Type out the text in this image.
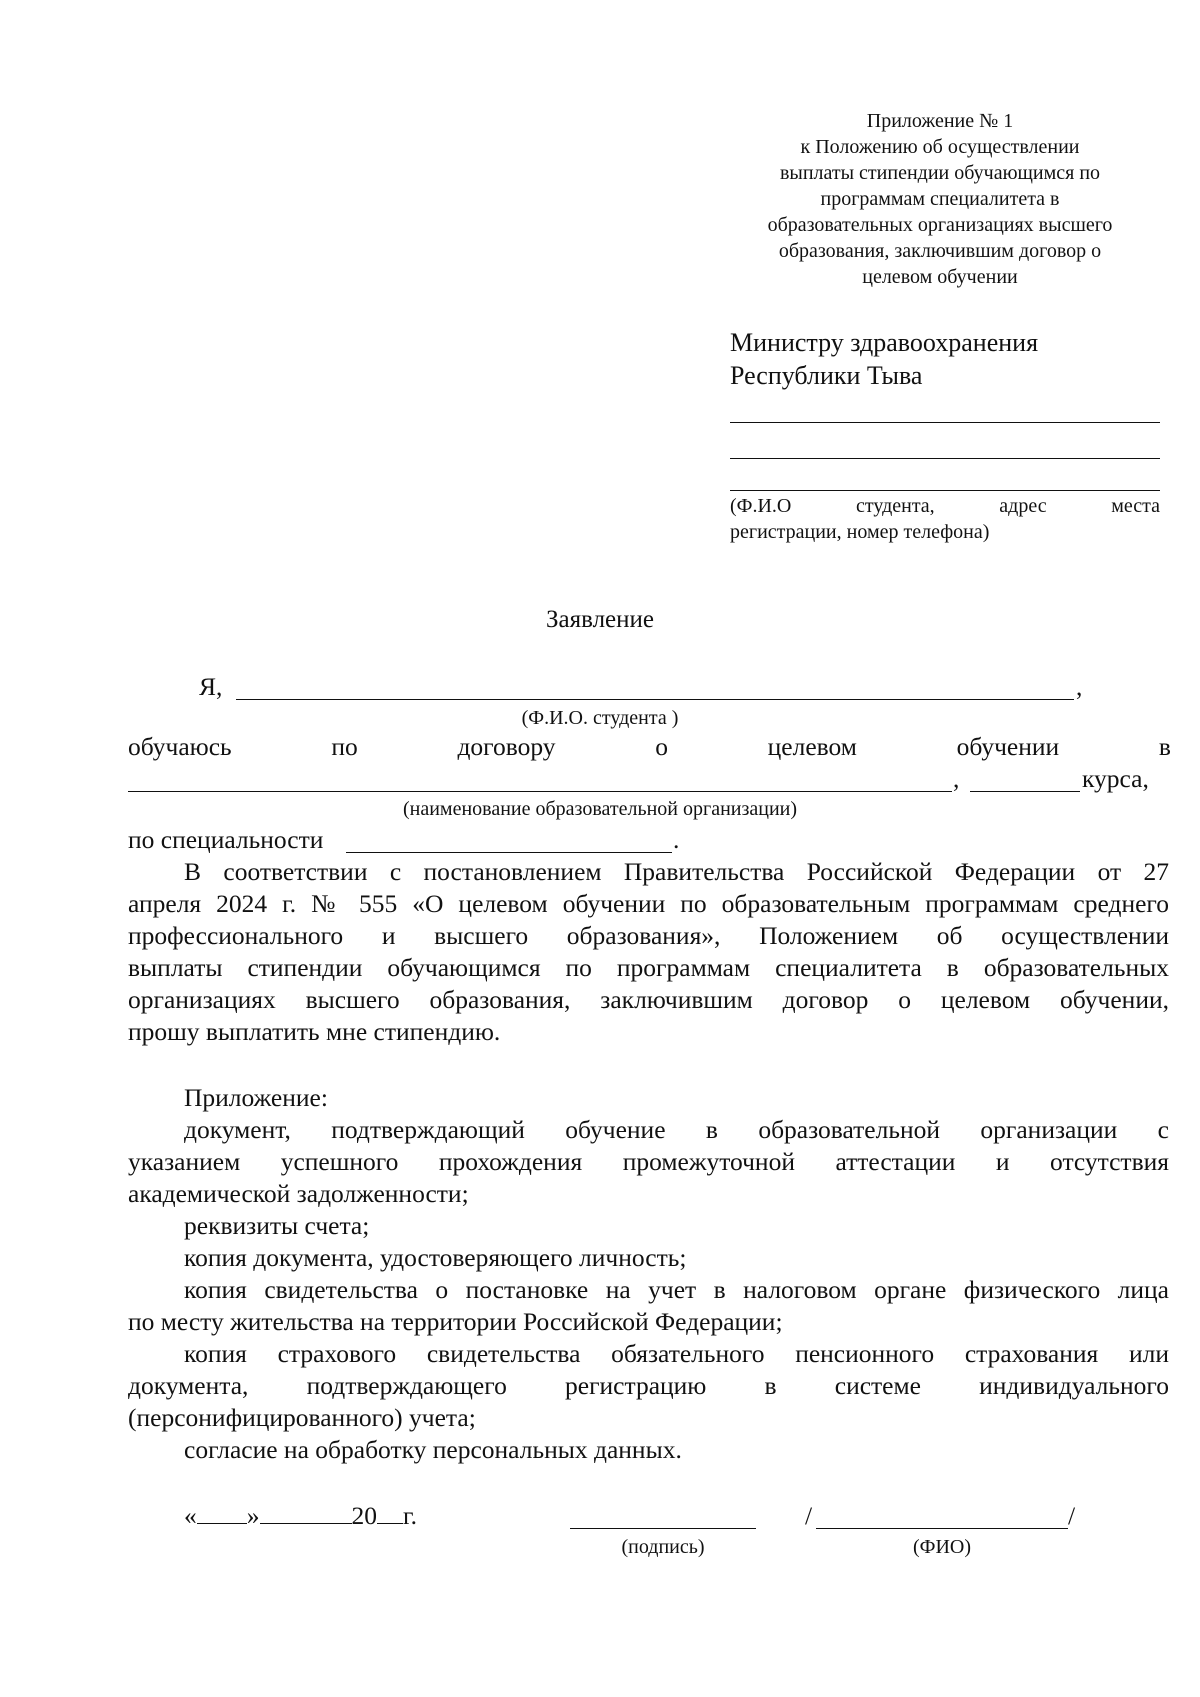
Приложение № 1
к Положению об осуществлении
выплаты стипендии обучающимся по
программам специалитета в
образовательных организациях высшего
образования, заключившим договор о
целевом обучении
Министру здравоохранения
Республики Тыва
(Ф.И.О	студента,	адрес	места
регистрации, номер телефона)
Заявление
Я,	,
(Ф.И.О. студента )
обучаюсь	по	договору	о	целевом	обучении	в
,	курса,
(наименование образовательной организации)
по специальности	.
В соответствии с постановлением Правительства Российской Федерации от 27
апреля 2024 г. № 555 «О целевом обучении по образовательным программам среднего
профессионального и высшего образования», Положением об осуществлении
выплаты стипендии обучающимся по программам специалитета в образовательных
организациях высшего образования, заключившим договор о целевом обучении,
прошу выплатить мне стипендию.
Приложение:
документ, подтверждающий обучение в образовательной организации с
указанием успешного прохождения промежуточной аттестации и отсутствия
академической задолженности;
реквизиты счета;
копия документа, удостоверяющего личность;
копия свидетельства о постановке на учет в налоговом органе физического лица
по месту жительства на территории Российской Федерации;
копия страхового свидетельства обязательного пенсионного страхования или
документа, подтверждающего регистрацию в системе индивидуального
(персонифицированного) учета;
согласие на обработку персональных данных.
« »	20 г.
(подпись)
/	/
(ФИО)
